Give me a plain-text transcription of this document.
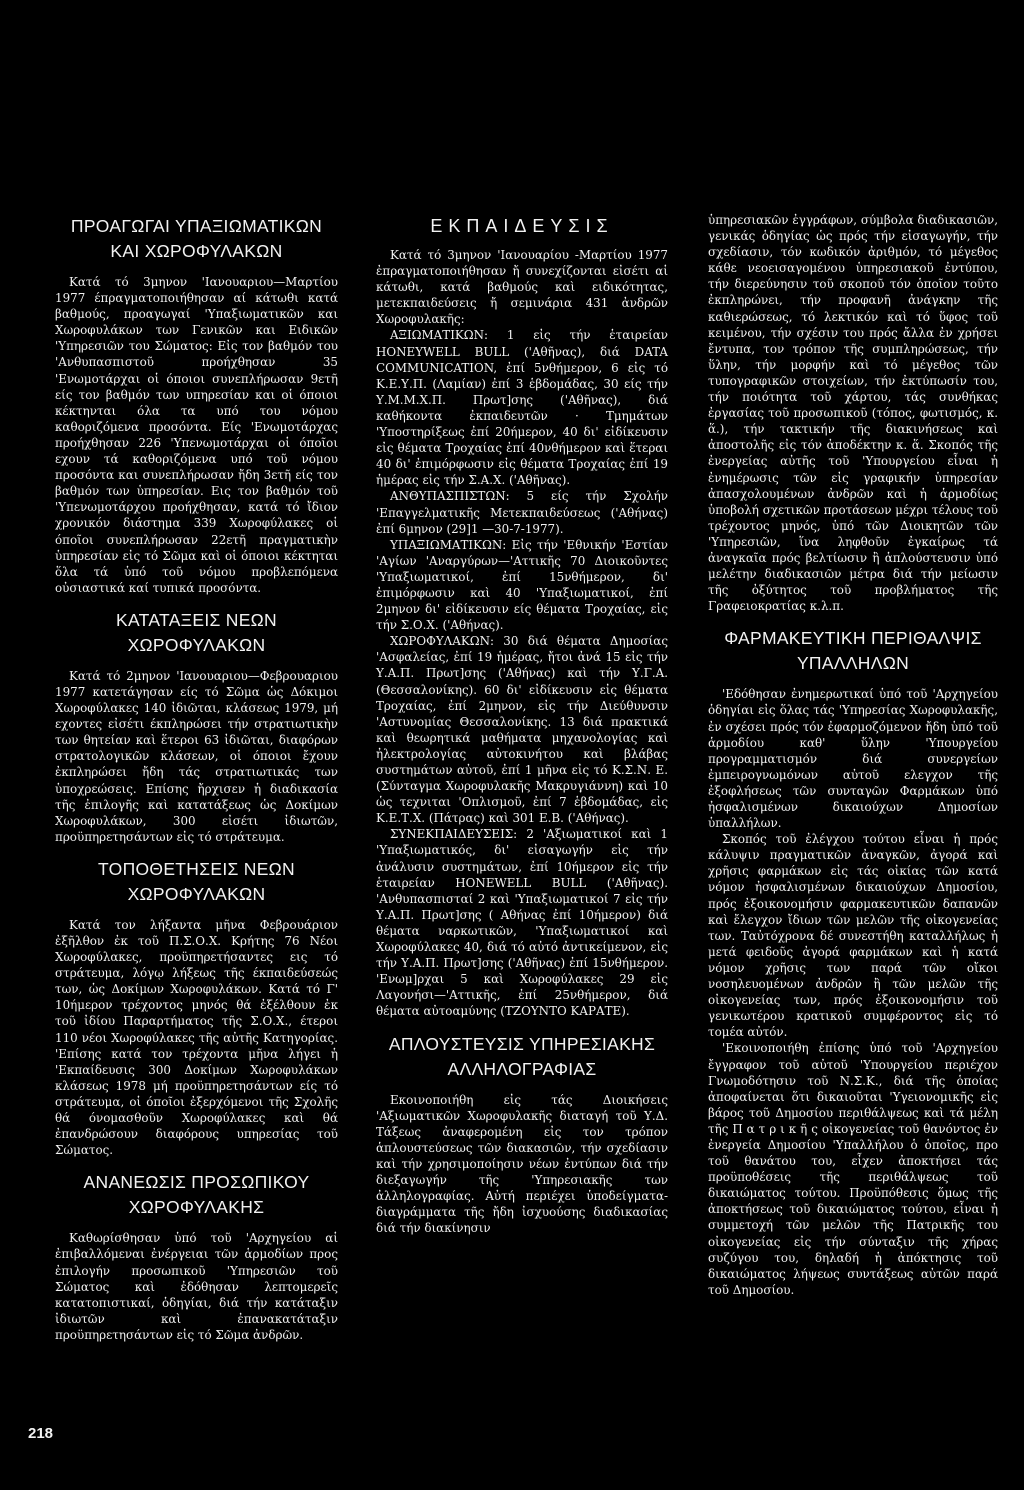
ΠΡΟΑΓΩΓΑΙ ΥΠΑΞΙΩΜΑΤΙΚΩΝ ΚΑΙ ΧΩΡΟΦΥΛΑΚΩΝ

Κατά τό 3μηνον 'Ιανουαριου—Μαρτίου 1977 έπραγματοποιήθησαν αί κάτωθι κατά βαθμούς, προαγωγαί 'Υπαξιωματικῶν και Χωροφυλάκων των Γενικῶν και Ειδικῶν 'Υπηρεσιῶν του Σώματος: Εἰς τον βαθμόν του 'Ανθυπασπιστοῦ προήχθησαν 35 'Ενωμοτάρχαι οἱ όποιοι συνεπλήρωσαν 9ετῆ είς τον βαθμόν των υπηρεσίαν και οἱ όποιοι κέκτηνται όλα τα υπό του νόμου καθοριζόμενα προσόντα. Είς 'Ενωμοτάρχας προήχθησαν 226 'Υπενωμοτάρχαι οἱ όποῖοι εχουν τά καθοριζόμενα υπό τοῦ νόμου προσόντα και συνεπλήρωσαν ἤδη 3ετῆ είς τον βαθμόν των ὑπηρεσίαν. Εις τον βαθμόν τοῦ 'Υπενωμοτάρχου προήχθησαν, κατά τό ἴδιον χρονικόν διάστημα 339 Χωροφύλακες οἱ όποῖοι συνεπλήρωσαν 22ετῆ πραγματικὴν ὑπηρεσίαν εἰς τό Σῶμα καὶ οἱ όποιοι κέκτηται ὅλα τά ὑπό τοῦ νόμου προβλεπόμενα οὐσιαστικά καί τυπικά προσόντα.

ΚΑΤΑΤΑΞΕΙΣ ΝΕΩΝ ΧΩΡΟΦΥΛΑΚΩΝ

Κατά τό 2μηνον 'Ιανουαριου—Φεβρουαριου 1977 κατετάγησαν είς τό Σῶμα ὡς Δόκιμοι Χωροφύλακες 140 ἰδιῶται, κλάσεως 1979, μή εχοντες εἰσέτι έκπληρώσει τήν στρατιωτικὴν των θητείαν καὶ ἕτεροι 63 ἰδιῶται, διαφόρων στρατολογικῶν κλάσεων, οἱ όποιοι ἔχουν ἐκπληρώσει ἤδη τάς στρατιωτικάς των ὑποχρεώσεις. Επίσης ἤρχισεν ἡ διαδικασία τῆς ἐπιλογῆς καὶ κατατάξεως ὡς Δοκίμων Χωροφυλάκων, 300 εἰσέτι ἰδιωτῶν, προϋπηρετησάντων εἰς τό στράτευμα.

ΤΟΠΟΘΕΤΗΣΕΙΣ ΝΕΩΝ ΧΩΡΟΦΥΛΑΚΩΝ

Κατά τον λήξαντα μῆνα Φεβρουάριον ἐξῆλθον ἐκ τοῦ Π.Σ.Ο.Χ. Κρήτης 76 Νέοι Χωροφύλακες, προϋπηρετήσαντες εις τό στράτευμα, λόγῳ λήξεως τῆς έκπαιδεύσεώς των, ὡς Δοκίμων Χωροφυλάκων. Κατά τό Γ' 10ήμερον τρέχοντος μηνός θά ἐξέλθουν ἐκ τοῦ ἰδίου Παραρτήματος τῆς Σ.Ο.Χ., έτεροι 110 νέοι Χωροφύλακες τῆς αὐτῆς Κατηγορίας. 'Επίσης κατά τον τρέχοντα μῆνα λήγει ἡ 'Εκπαίδευσις 300 Δοκίμων Χωροφυλάκων κλάσεως 1978 μή προϋπηρετησάντων είς τό στράτευμα, οἱ όποῖοι ἐξερχόμενοι τῆς Σχολῆς θά όνομασθοῦν Χωροφύλακες καὶ θά ἐπανδρώσουν διαφόρους υπηρεσίας τοῦ Σώματος.

ΑΝΑΝΕΩΣΙΣ ΠΡΟΣΩΠΙΚΟΥ ΧΩΡΟΦΥΛΑΚΗΣ

Καθωρίσθησαν ὑπό τοῦ 'Αρχηγείου αἱ ἐπιβαλλόμεναι ἐνέργειαι τῶν ἁρμοδίων προς ἐπιλογήν προσωπικοῦ 'Υπηρεσιῶν τοῦ Σώματος καὶ ἐδόθησαν λεπτομερεῖς κατατοπιστικαί, ὁδηγίαι, διά τήν κατάταξιν ἰδιωτῶν καὶ ἐπανακατάταξιν προϋπηρετησάντων εἰς τό Σῶμα ἀνδρῶν.

ΕΚΠΑΙΔΕΥΣΙΣ

Κατά τό 3μηνον 'Ιανουαρίου -Μαρτίου 1977 ἐπραγματοποιήθησαν ἤ συνεχίζονται εἰσέτι αἱ κάτωθι, κατά βαθμούς καὶ ειδικότητας, μετεκπαιδεύσεις ἤ σεμινάρια 431 ἀνδρῶν Χωροφυλακῆς:

ΑΞΙΩΜΑΤΙΚΩΝ: 1 εἰς τήν ἑταιρείαν HONEYWELL BULL ('Αθῆνας), διά DATA COMMUNICATION, ἐπί 5νθήμερον, 6 εἰς τό Κ.Ε.Υ.Π. (Λαμίαν) ἐπί 3 ἑβδομάδας, 30 είς τήν Υ.Μ.Μ.Χ.Π. Πρωτ]σης ('Αθῆνας), διά καθήκοντα ἐκπαιδευτῶν · Τμημάτων 'Υποστηρίξεως ἐπί 20ήμερον, 40 δι' εἰδίκευσιν εἰς θέματα Τροχαίας ἐπί 40νθήμερον καὶ ἕτεραι 40 δι' ἐπιμόρφωσιν εἰς θέματα Τροχαίας ἐπί 19 ἡμέρας εἰς τήν Σ.Α.Χ. ('Αθῆνας).

ΑΝΘΥΠΑΣΠΙΣΤΩΝ: 5 είς τήν Σχολήν 'Επαγγελματικῆς Μετεκπαιδεύσεως ('Αθήνας) ἐπί 6μηνον (29]1 —30-7-1977).

ΥΠΑΞΙΩΜΑΤΙΚΩΝ: Εἰς τήν 'Εθνικήν 'Εστίαν 'Αγίων 'Αναργύρων—'Αττικῆς 70 Διοικοῦντες 'Υπαξιωματικοί, ἐπί 15νθήμερον, δι' ἐπιμόρφωσιν καὶ 40 'Υπαξιωματικοί, ἐπί 2μηνον δι' εἰδίκευσιν είς θέματα Τροχαίας, εἰς τήν Σ.Ο.Χ. ('Αθήνας).

ΧΩΡΟΦΥΛΑΚΩΝ: 30 διά θέματα Δημοσίας 'Ασφαλείας, ἐπί 19 ἡμέρας, ἤτοι ἀνά 15 εἰς τήν Υ.Α.Π. Πρωτ]σης ('Αθήνας) καὶ τήν Υ.Γ.Α. (Θεσσαλονίκης). 60 δι' εἰδίκευσιν εἰς θέματα Τροχαίας, ἐπί 2μηνον, εἰς τήν Διεύθυνσιν 'Αστυνομίας Θεσσαλονίκης. 13 διά πρακτικά καὶ θεωρητικά μαθήματα μηχανολογίας καὶ ἠλεκτρολογίας αὐτοκινήτου καὶ βλάβας συστημάτων αὐτοῦ, ἐπί 1 μῆνα εἰς τό Κ.Σ.Ν. Ε. (Σύνταγμα Χωροφυλακῆς Μακρυγιάννη) καὶ 10 ὡς τεχνιται 'Οπλισμοῦ, ἐπί 7 ἑβδομάδας, εἰς Κ.Ε.Τ.Χ. (Πάτρας) καὶ 301 Ε.Β. ('Αθήνας).

ΣΥΝΕΚΠΑΙΔΕΥΣΕΙΣ: 2 'Αξιωματικοί καὶ 1 'Υπαξιωματικός, δι' εἰσαγωγήν εἰς τήν ἀνάλυσιν συστημάτων, ἐπί 10ήμερον εἰς τήν ἑταιρείαν HONEWELL BULL ('Αθῆνας). 'Ανθυπασπισταί 2 καὶ 'Υπαξιωματικοί 7 εἰς τήν Υ.Α.Π. Πρωτ]σης ( Αθήνας ἐπί 10ήμερον) διά θέματα ναρκωτικῶν, 'Υπαξιωματικοί καὶ Χωροφύλακες 40, διά τό αὐτό ἀντικείμενον, εἰς τήν Υ.Α.Π. Πρωτ]σης ('Αθῆνας) ἐπί 15νθήμερον. 'Ενωμ]ρχαι 5 καὶ Χωροφύλακες 29 εἰς Λαγονήσι—'Αττικῆς, ἐπί 25νθήμερον, διά θέματα αὐτοαμύνης (ΤΖΟΥΝΤΟ ΚΑΡΑΤΕ).

ΑΠΛΟΥΣΤΕΥΣΙΣ ΥΠΗΡΕΣΙΑΚΗΣ ΑΛΛΗΛΟΓΡΑΦΙΑΣ

Εκοινοποιήθη εἰς τάς Διοικήσεις 'Αξιωματικῶν Χωροφυλακῆς διαταγή τοῦ Υ.Δ. Τάξεως ἀναφερομένη εἰς τον τρόπον ἁπλουστεύσεως τῶν διακασιῶν, τήν σχεδίασιν καὶ τήν χρησιμοποίησιν νέων ἐντύπων διά τήν διεξαγωγήν τῆς 'Υπηρεσιακῆς των ἀλληλογραφίας. Αὐτή περιέχει ὑποδείγματα-διαγράμματα τῆς ἤδη ἰσχυούσης διαδικασίας διά τήν διακίνησιν

ὑπηρεσιακῶν ἐγγράφων, σύμβολα διαδικασιῶν, γενικάς ὁδηγίας ὡς πρός τήν εἰσαγωγήν, τήν σχεδίασιν, τόν κωδικόν ἀριθμόν, τό μέγεθος κάθε νεοεισαγομένου ὑπηρεσιακοῦ ἐντύπου, τήν διερεύνησιν τοῦ σκοποῦ τόν ὁποῖον τοῦτο ἐκπληρώνει, τήν προφανῆ ἀνάγκην τῆς καθιερώσεως, τό λεκτικόν καὶ τό ὕφος τοῦ κειμένου, τήν σχέσιν του πρός ἄλλα ἐν χρήσει ἔντυπα, τον τρόπον τῆς συμπληρώσεως, τήν ὕλην, τήν μορφήν καὶ τό μέγεθος τῶν τυπογραφικῶν στοιχείων, τήν ἐκτύπωσίν του, τήν ποιότητα τοῦ χάρτου, τάς συνθήκας ἐργασίας τοῦ προσωπικοῦ (τόπος, φωτισμός, κ. ἅ.), τήν τακτικήν τῆς διακινήσεως καὶ ἀποστολῆς εἰς τόν ἀποδέκτην κ. ἅ. Σκοπός τῆς ἐνεργείας αὐτῆς τοῦ 'Υπουργείου εἶναι ἡ ἐνημέρωσις τῶν εἰς γραφικήν ὑπηρεσίαν ἀπασχολουμένων ἀνδρῶν καὶ ἡ ἁρμοδίως ὑποβολή σχετικῶν προτάσεων μέχρι τέλους τοῦ τρέχοντος μηνός, ὑπό τῶν Διοικητῶν τῶν 'Υπηρεσιῶν, ἵνα ληφθοῦν ἐγκαίρως τά ἀναγκαῖα πρός βελτίωσιν ἢ ἁπλούστευσιν ὑπό μελέτην διαδικασιῶν μέτρα διά τήν μείωσιν τῆς ὀξύτητος τοῦ προβλήματος τῆς Γραφειοκρατίας κ.λ.π.

ΦΑΡΜΑΚΕΥΤΙΚΗ ΠΕΡΙΘΑΛΨΙΣ ΥΠΑΛΛΗΛΩΝ

'Εδόθησαν ἐνημερωτικαί ὑπό τοῦ 'Αρχηγείου ὁδηγίαι εἰς ὅλας τάς 'Υπηρεσίας Χωροφυλακῆς, ἐν σχέσει πρός τόν ἐφαρμοζόμενον ἤδη ὑπό τοῦ ἁρμοδίου καθ' ὕλην 'Υπουργείου προγραμματισμόν διά συνεργείων ἐμπειρογνωμόνων αὐτοῦ ελεγχον τῆς ἐξοφλήσεως τῶν συνταγῶν Φαρμάκων ὑπό ἠσφαλισμένων δικαιούχων Δημοσίων ὑπαλλήλων.

Σκοπός τοῦ ἐλέγχου τούτου εἶναι ἡ πρός κάλυψιν πραγματικῶν ἀναγκῶν, ἀγορά καὶ χρῆσις φαρμάκων εἰς τάς οἰκίας τῶν κατά νόμον ἠσφαλισμένων δικαιούχων Δημοσίου, πρός ἐξοικονομήσιν φαρμακευτικῶν δαπανῶν καὶ ἔλεγχον ἴδιων τῶν μελῶν τῆς οἰκογενείας των. Ταὐτόχρονα δέ συνεστήθη καταλλήλως ἡ μετά φειδοῦς ἀγορά φαρμάκων καὶ ἡ κατά νόμον χρῆσις των παρά τῶν οἴκοι νοσηλευομένων ἀνδρῶν ἢ τῶν μελῶν τῆς οἰκογενείας των, πρός ἐξοικονομήσιν τοῦ γενικωτέρου κρατικοῦ συμφέροντος εἰς τό τομέα αὐτόν.

'Εκοινοποιήθη ἐπίσης ὑπό τοῦ 'Αρχηγείου ἔγγραφον τοῦ αὐτοῦ 'Υπουργείου περιέχον Γνωμοδότησιν τοῦ Ν.Σ.Κ., διά τῆς ὁποίας ἀποφαίνεται ὅτι δικαιοῦται 'Υγειονομικῆς εἰς βάρος τοῦ Δημοσίου περιθάλψεως καὶ τά μέλη τῆς Π α τ ρ ι κ ῆ ς οἰκογενείας τοῦ θανόντος ἐν ἐνεργεία Δημοσίου 'Υπαλλήλου ὁ ὁποῖος, προ τοῦ θανάτου του, εἶχεν ἀποκτήσει τάς προϋποθέσεις τῆς περιθάλψεως τοῦ δικαιώματος τούτου. Προϋπόθεσις ὅμως τῆς ἀποκτήσεως τοῦ δικαιώματος τούτου, εἶναι ἡ συμμετοχή τῶν μελῶν τῆς Πατρικῆς του οἰκογενείας εἰς τήν σύνταξιν τῆς χήρας συζύγου του, δηλαδή ἡ ἀπόκτησις τοῦ δικαιώματος λήψεως συντάξεως αὐτῶν παρά τοῦ Δημοσίου.

218
